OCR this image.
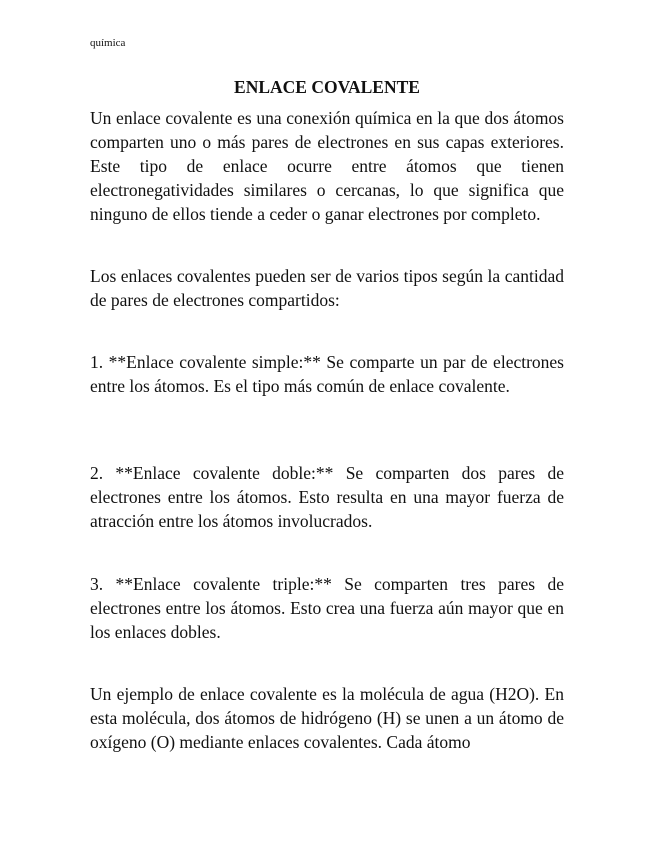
química
ENLACE COVALENTE

Un enlace covalente es una conexión química en la que dos átomos comparten uno o más pares de electrones en sus capas exteriores. Este tipo de enlace ocurre entre átomos que tienen electronegatividades similares o cercanas, lo que significa que ninguno de ellos tiende a ceder o ganar electrones por completo.

Los enlaces covalentes pueden ser de varios tipos según la cantidad de pares de electrones compartidos:

1. **Enlace covalente simple:** Se comparte un par de electrones entre los átomos. Es el tipo más común de enlace covalente.

2. **Enlace covalente doble:** Se comparten dos pares de electrones entre los átomos. Esto resulta en una mayor fuerza de atracción entre los átomos involucrados.

3. **Enlace covalente triple:** Se comparten tres pares de electrones entre los átomos. Esto crea una fuerza aún mayor que en los enlaces dobles.

Un ejemplo de enlace covalente es la molécula de agua (H2O). En esta molécula, dos átomos de hidrógeno (H) se unen a un átomo de oxígeno (O) mediante enlaces covalentes. Cada átomo
